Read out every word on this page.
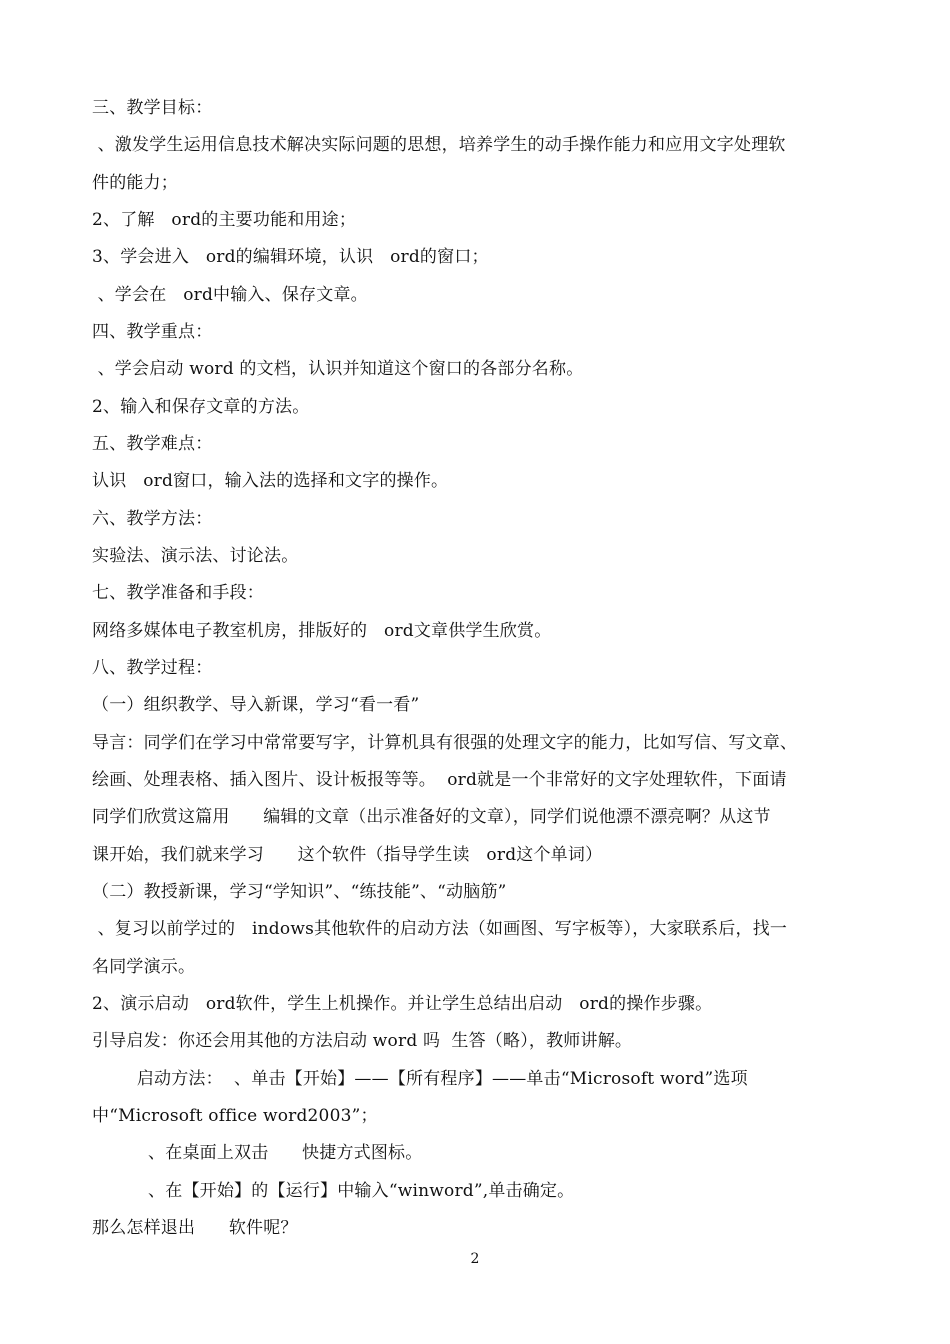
三、教学目标：
、激发学生运用信息技术解决实际问题的思想，培养学生的动手操作能力和应用文字处理软
件的能力；
2、了解   ord的主要功能和用途；
3、学会进入   ord的编辑环境，认识   ord的窗口；
、学会在   ord中输入、保存文章。
四、教学重点：
、学会启动 word 的文档，认识并知道这个窗口的各部分名称。
2、输入和保存文章的方法。
五、教学难点：
认识   ord窗口，输入法的选择和文字的操作。
六、教学方法：
实验法、演示法、讨论法。
七、教学准备和手段：
网络多媒体电子教室机房，排版好的   ord文章供学生欣赏。
八、教学过程：
（一）组织教学、导入新课，学习“看一看”
导言：同学们在学习中常常要写字，计算机具有很强的处理文字的能力，比如写信、写文章、
绘画、处理表格、插入图片、设计板报等等。  ord就是一个非常好的文字处理软件，下面请
同学们欣赏这篇用      编辑的文章（出示准备好的文章），同学们说他漂不漂亮啊？从这节
课开始，我们就来学习      这个软件（指导学生读   ord这个单词）
（二）教授新课，学习“学知识”、“练技能”、“动脑筋”
、复习以前学过的   indows其他软件的启动方法（如画图、写字板等），大家联系后，找一
名同学演示。
2、演示启动   ord软件，学生上机操作。并让学生总结出启动   ord的操作步骤。
引导启发：你还会用其他的方法启动 word 吗  生答（略），教师讲解。
启动方法：  、单击【开始】——【所有程序】——单击“Microsoft word”选项
中“Microsoft office word2003”；
、在桌面上双击      快捷方式图标。
、在【开始】的【运行】中输入“winword”,单击确定。
那么怎样退出      软件呢？
2
